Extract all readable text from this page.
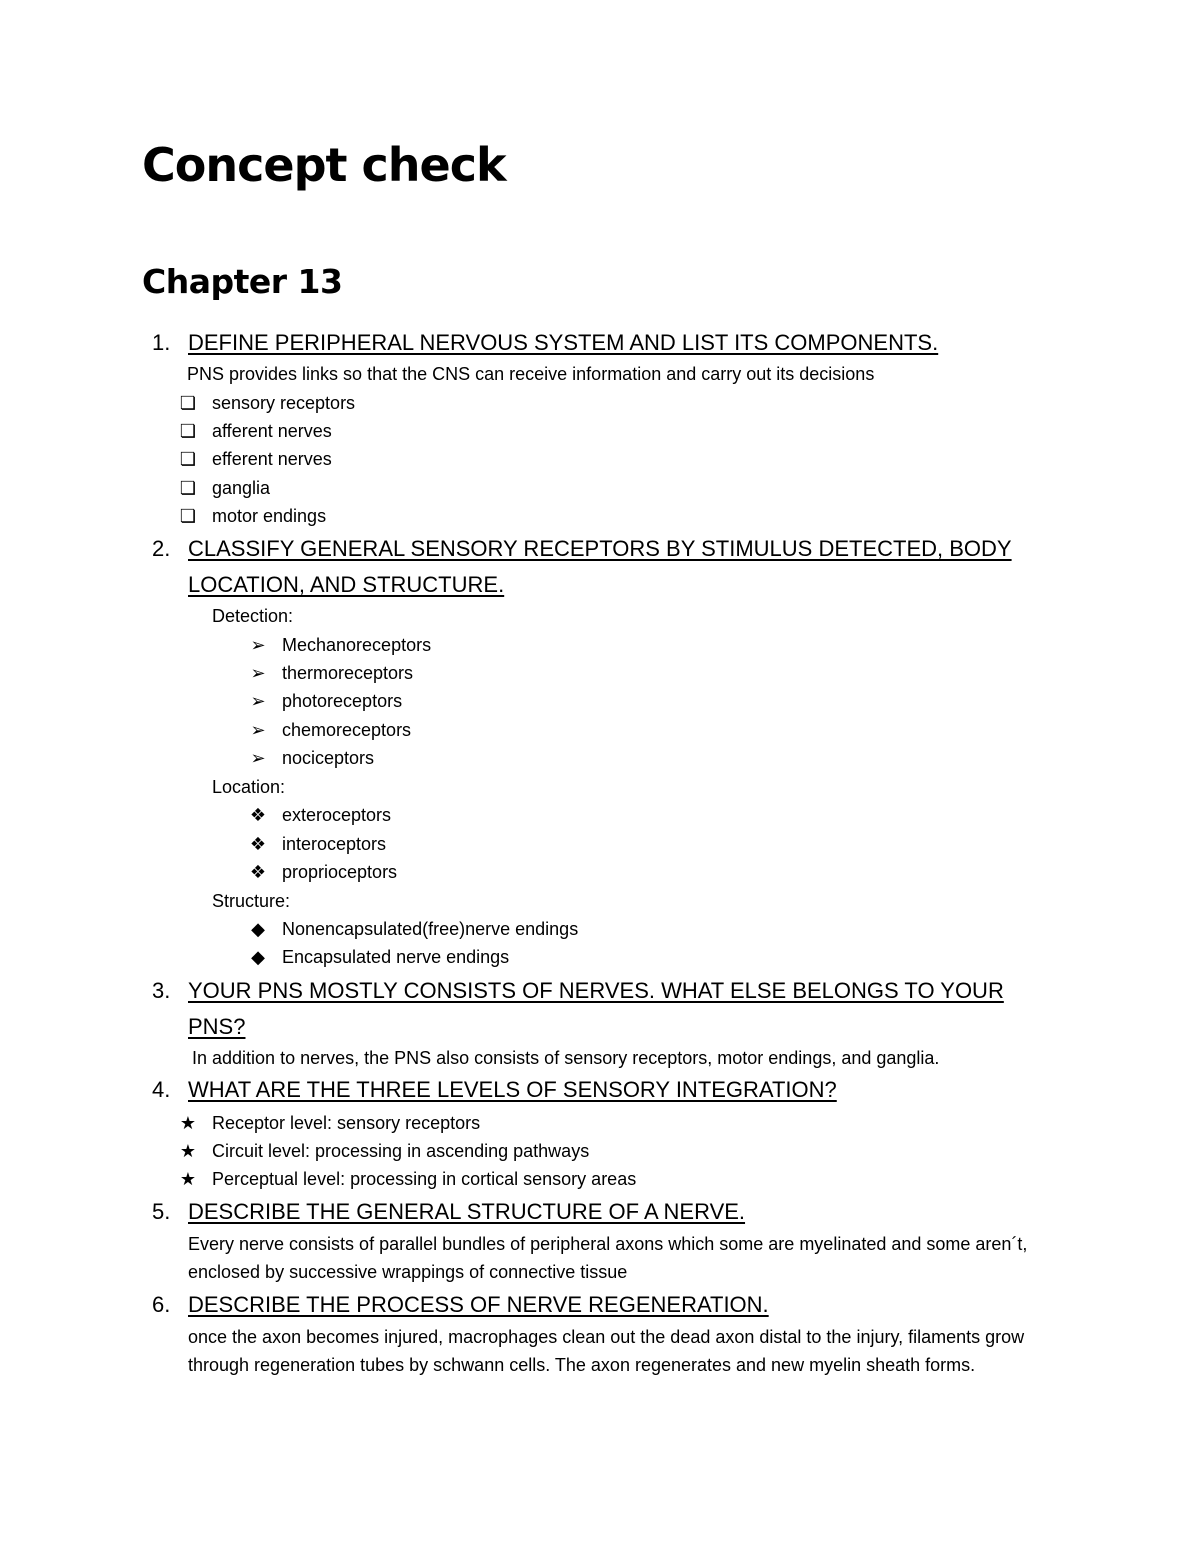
Concept check
Chapter 13
1. DEFINE PERIPHERAL NERVOUS SYSTEM AND LIST ITS COMPONENTS.
PNS provides links so that the CNS can receive information and carry out its decisions
❏ sensory receptors
❏ afferent nerves
❏ efferent nerves
❏ ganglia
❏ motor endings
2. CLASSIFY GENERAL SENSORY RECEPTORS BY STIMULUS DETECTED, BODY LOCATION, AND STRUCTURE.
Detection:
➢ Mechanoreceptors
➢ thermoreceptors
➢ photoreceptors
➢ chemoreceptors
➢ nociceptors
Location:
❖ exteroceptors
❖ interoceptors
❖ proprioceptors
Structure:
◆ Nonencapsulated(free)nerve endings
◆ Encapsulated nerve endings
3. YOUR PNS MOSTLY CONSISTS OF NERVES. WHAT ELSE BELONGS TO YOUR PNS?
In addition to nerves, the PNS also consists of sensory receptors, motor endings, and ganglia.
4. WHAT ARE THE THREE LEVELS OF SENSORY INTEGRATION?
★ Receptor level: sensory receptors
★ Circuit level: processing in ascending pathways
★ Perceptual level: processing in cortical sensory areas
5. DESCRIBE THE GENERAL STRUCTURE OF A NERVE.
Every nerve consists of parallel bundles of peripheral axons which some are myelinated and some aren´t, enclosed by successive wrappings of connective tissue
6. DESCRIBE THE PROCESS OF NERVE REGENERATION.
once the axon becomes injured, macrophages clean out the dead axon distal to the injury, filaments grow through regeneration tubes by schwann cells. The axon regenerates and new myelin sheath forms.
